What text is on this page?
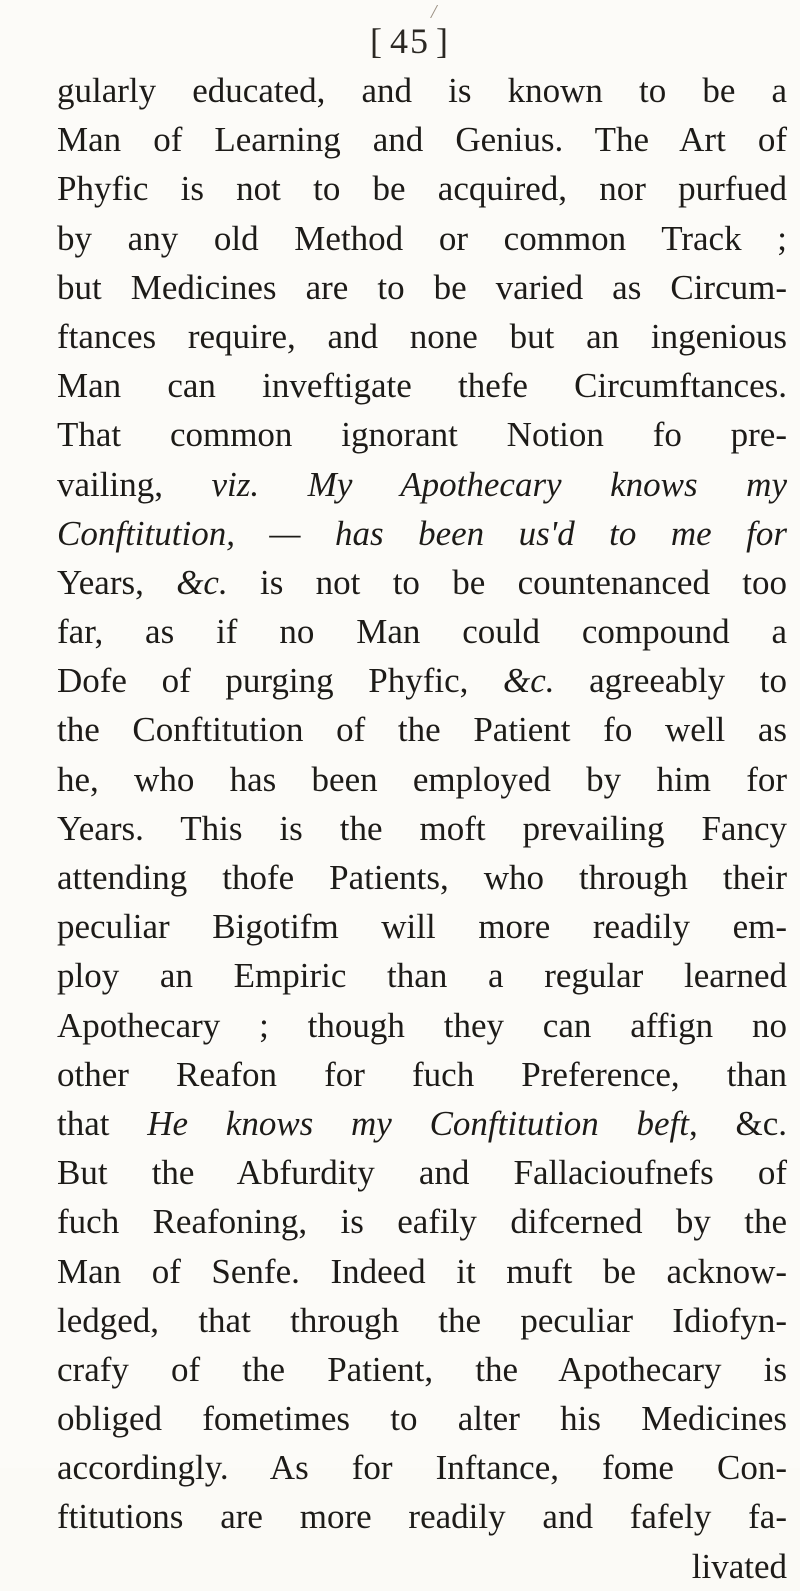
/
[ 45 ]
gularly educated, and is known to be a
Man of Learning and Genius. The Art of
Phyfic is not to be acquired, nor purfued
by any old Method or common Track ;
but Medicines are to be varied as Circum-
ftances require, and none but an ingenious
Man can inveftigate thefe Circumftances.
That common ignorant Notion fo pre-
vailing, viz. My Apothecary knows my
Conftitution, — has been us'd to me for
Years, &c. is not to be countenanced too
far, as if no Man could compound a
Dofe of purging Phyfic, &c. agreeably to
the Conftitution of the Patient fo well as
he, who has been employed by him for
Years. This is the moft prevailing Fancy
attending thofe Patients, who through their
peculiar Bigotifm will more readily em-
ploy an Empiric than a regular learned
Apothecary ; though they can affign no
other Reafon for fuch Preference, than
that He knows my Conftitution beft, &c.
But the Abfurdity and Fallacioufnefs of
fuch Reafoning, is eafily difcerned by the
Man of Senfe. Indeed it muft be acknow-
ledged, that through the peculiar Idiofyn-
crafy of the Patient, the Apothecary is
obliged fometimes to alter his Medicines
accordingly. As for Inftance, fome Con-
ftitutions are more readily and fafely fa-
livated
